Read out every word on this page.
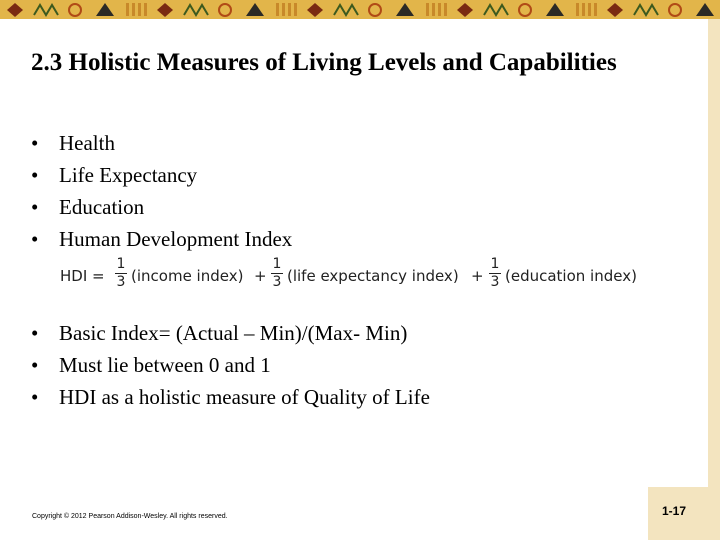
2.3 Holistic Measures of Living Levels and Capabilities
• Health
• Life Expectancy
• Education
• Human Development Index
HDI = $\frac{1}{3}$ (income index) + $\frac{1}{3}$ (life expectancy index) + $\frac{1}{3}$ (education index)
• Basic Index= (Actual – Min)/(Max- Min)
• Must lie between 0 and 1
• HDI as a holistic measure of Quality of Life
Copyright © 2012 Pearson Addison-Wesley. All rights reserved.	1-17
